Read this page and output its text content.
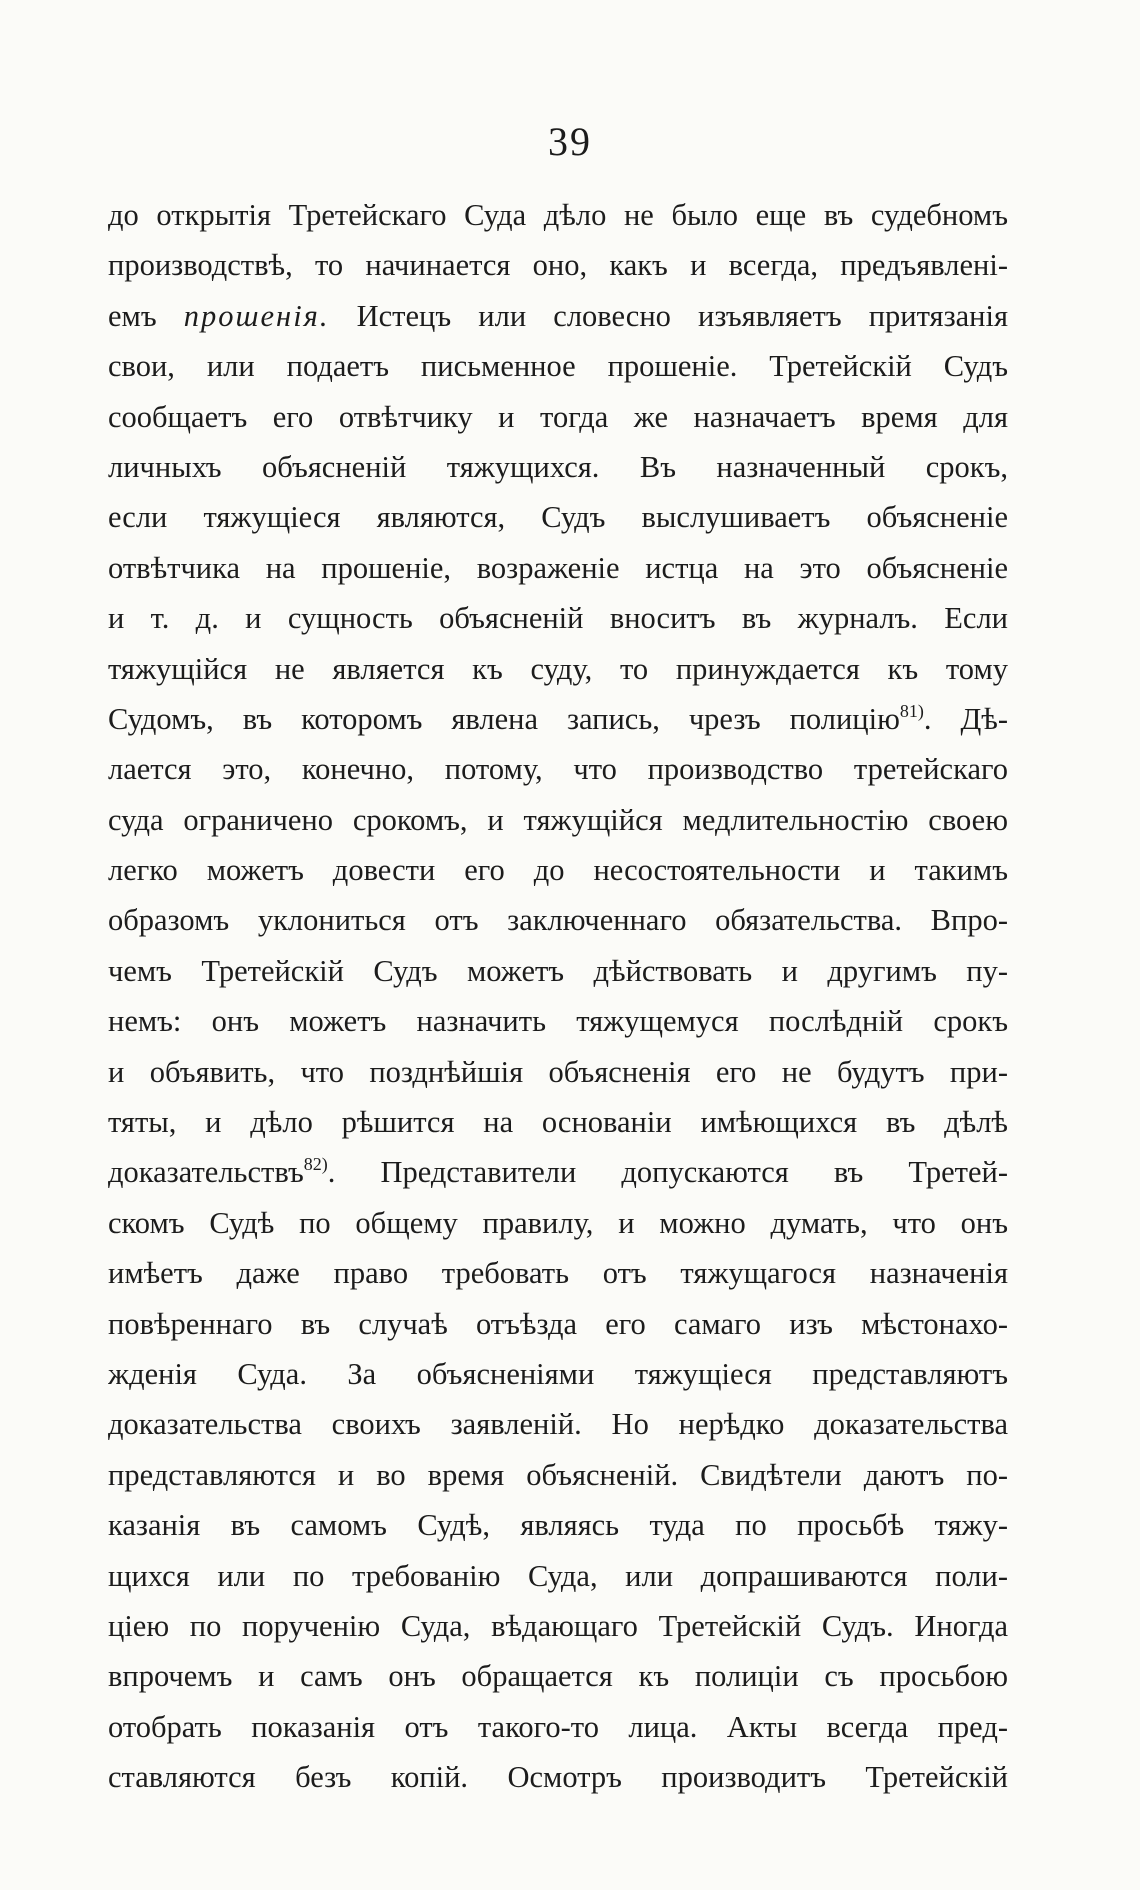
39
до открытія Третейскаго Суда дѣло не было еще въ судебномъ
производствѣ, то начинается оно, какъ и всегда, предъявлені-
емъ прошенія. Истецъ или словесно изъявляетъ притязанія
свои, или подаетъ письменное прошеніе. Третейскій Судъ
сообщаетъ его отвѣтчику и тогда же назначаетъ время для
личныхъ объясненій тяжущихся. Въ назначенный срокъ,
если тяжущіеся являются, Судъ выслушиваетъ объясненіе
отвѣтчика на прошеніе, возраженіе истца на это объясненіе
и т. д. и сущность объясненій вноситъ въ журналъ. Если
тяжущійся не является къ суду, то принуждается къ тому
Судомъ, въ которомъ явлена запись, чрезъ полицію$^{81)}$. Дѣ-
лается это, конечно, потому, что производство третейскаго
суда ограничено срокомъ, и тяжущійся медлительностію своею
легко можетъ довести его до несостоятельности и такимъ
образомъ уклониться отъ заключеннаго обязательства. Впро-
чемъ Третейскій Судъ можетъ дѣйствовать и другимъ пу-
немъ: онъ можетъ назначить тяжущемуся послѣдній срокъ
и объявить, что позднѣйшія объясненія его не будутъ при-
тяты, и дѣло рѣшится на основаніи имѣющихся въ дѣлѣ
доказательствъ$^{82)}$. Представители допускаются въ Третей-
скомъ Судѣ по общему правилу, и можно думать, что онъ
имѣетъ даже право требовать отъ тяжущагося назначенія
повѣреннаго въ случаѣ отъѣзда его самаго изъ мѣстонахо-
жденія Суда. За объясненіями тяжущіеся представляютъ
доказательства своихъ заявленій. Но нерѣдко доказательства
представляются и во время объясненій. Свидѣтели даютъ по-
казанія въ самомъ Судѣ, являясь туда по просьбѣ тяжу-
щихся или по требованію Суда, или допрашиваются поли-
ціею по порученію Суда, вѣдающаго Третейскій Судъ. Иногда
впрочемъ и самъ онъ обращается къ полиціи съ просьбою
отобрать показанія отъ такого-то лица. Акты всегда пред-
ставляются безъ копій. Осмотръ производитъ Третейскій
